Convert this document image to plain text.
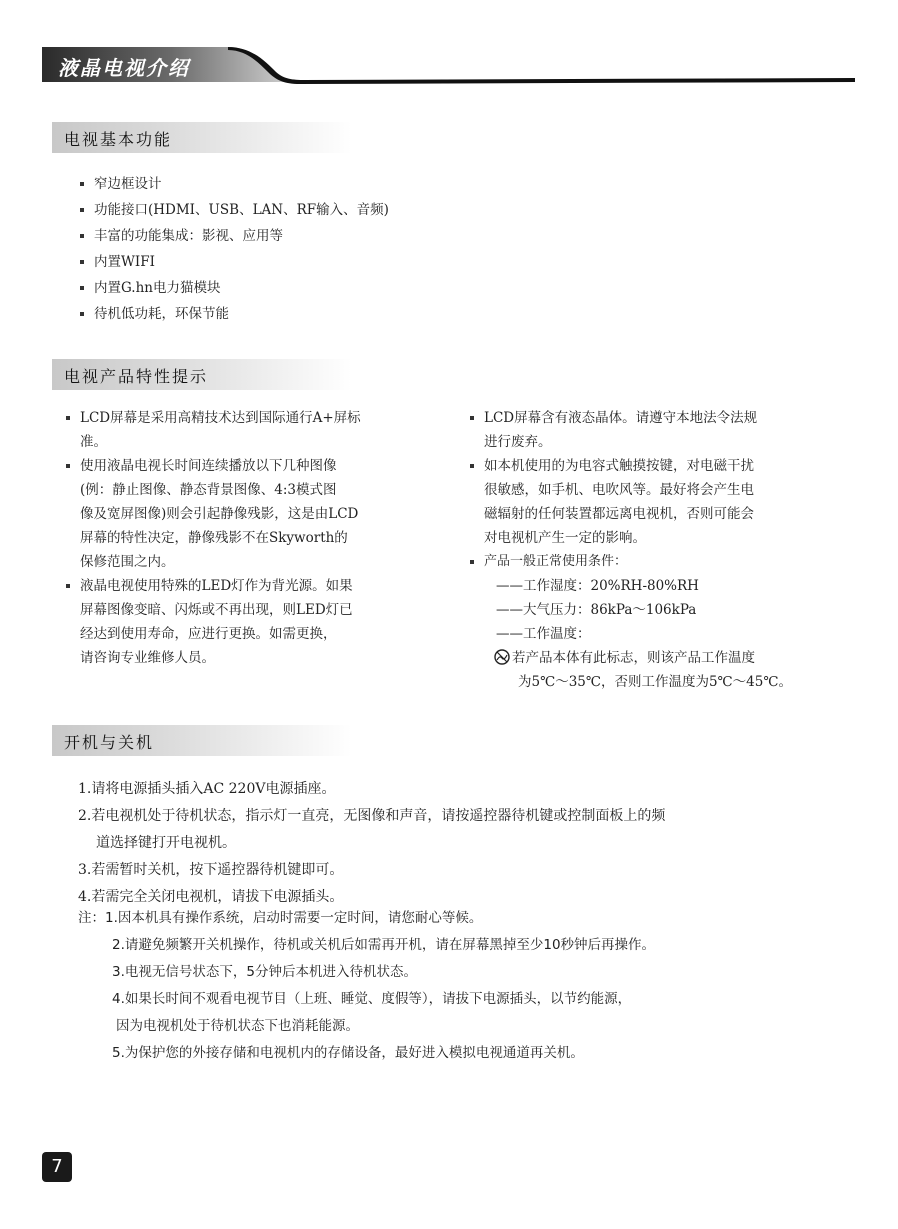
液晶电视介绍
电视基本功能
窄边框设计
功能接口(HDMI、USB、LAN、RF输入、音频)
丰富的功能集成：影视、应用等
内置WIFI
内置G.hn电力猫模块
待机低功耗，环保节能
电视产品特性提示
LCD屏幕是采用高精技术达到国际通行A+屏标
准。
使用液晶电视长时间连续播放以下几种图像
(例：静止图像、静态背景图像、4:3模式图
像及宽屏图像)则会引起静像残影，这是由LCD
屏幕的特性决定，静像残影不在Skyworth的
保修范围之内。
液晶电视使用特殊的LED灯作为背光源。如果
屏幕图像变暗、闪烁或不再出现，则LED灯已
经达到使用寿命，应进行更换。如需更换，
请咨询专业维修人员。
LCD屏幕含有液态晶体。请遵守本地法令法规
进行废弃。
如本机使用的为电容式触摸按键，对电磁干扰
很敏感，如手机、电吹风等。最好将会产生电
磁辐射的任何装置都远离电视机，否则可能会
对电视机产生一定的影响。
产品一般正常使用条件：
——工作湿度：20%RH-80%RH
——大气压力：86kPa～106kPa
——工作温度：
若产品本体有此标志，则该产品工作温度
为5℃～35℃，否则工作温度为5℃～45℃。
开机与关机
1.请将电源插头插入AC 220V电源插座。
2.若电视机处于待机状态，指示灯一直亮，无图像和声音，请按遥控器待机键或控制面板上的频
道选择键打开电视机。
3.若需暂时关机，按下遥控器待机键即可。
4.若需完全关闭电视机，请拔下电源插头。
注：1.因本机具有操作系统，启动时需要一定时间，请您耐心等候。
2.请避免频繁开关机操作，待机或关机后如需再开机，请在屏幕黑掉至少10秒钟后再操作。
3.电视无信号状态下，5分钟后本机进入待机状态。
4.如果长时间不观看电视节目（上班、睡觉、度假等），请拔下电源插头，以节约能源，
因为电视机处于待机状态下也消耗能源。
5.为保护您的外接存储和电视机内的存储设备，最好进入模拟电视通道再关机。
7
